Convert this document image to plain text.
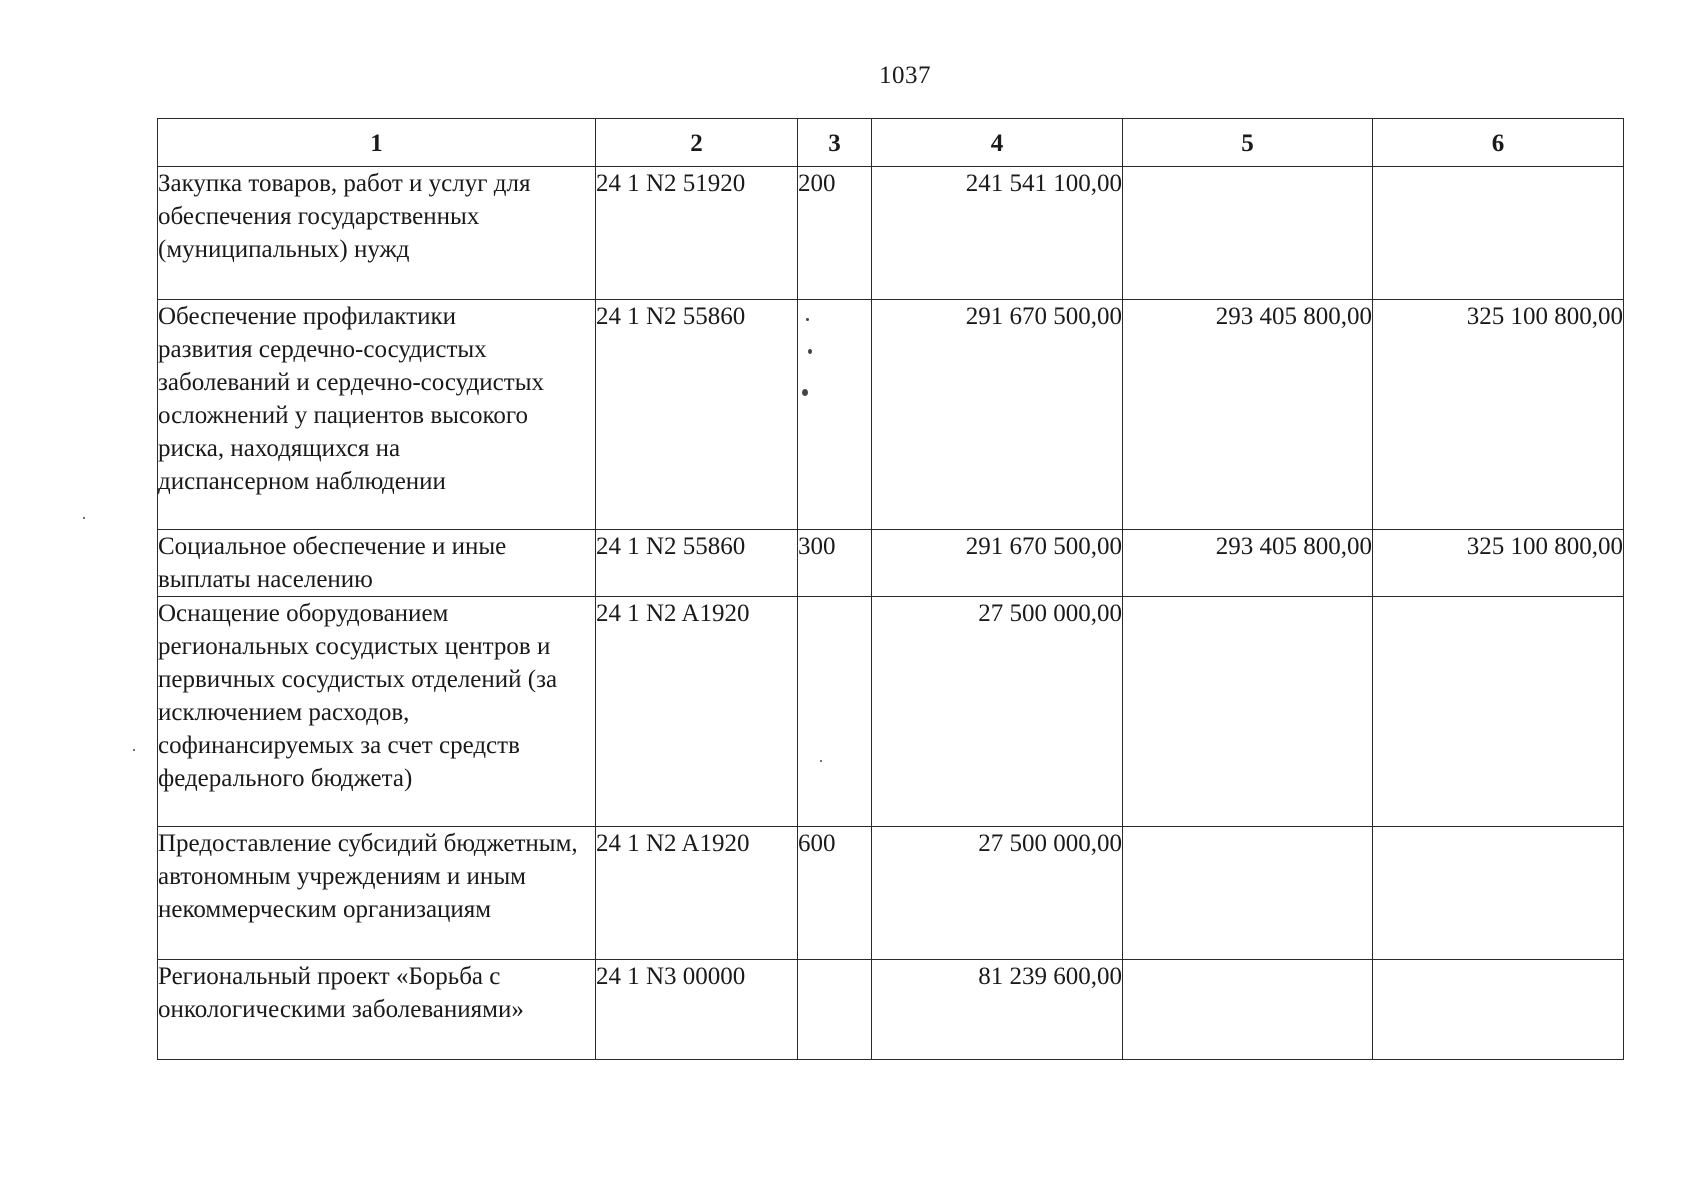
1037
1	2	3	4	5	6
Закупка товаров, работ и услуг для обеспечения государственных (муниципальных) нужд	24 1 N2 51920	200	241 541 100,00		
Обеспечение профилактики развития сердечно-сосудистых заболеваний и сердечно-сосудистых осложнений у пациентов высокого риска, находящихся на диспансерном наблюдении	24 1 N2 55860		291 670 500,00	293 405 800,00	325 100 800,00
Социальное обеспечение и иные выплаты населению	24 1 N2 55860	300	291 670 500,00	293 405 800,00	325 100 800,00
Оснащение оборудованием региональных сосудистых центров и первичных сосудистых отделений (за исключением расходов, софинансируемых за счет средств федерального бюджета)	24 1 N2 A1920		27 500 000,00		
Предоставление субсидий бюджетным, автономным учреждениям и иным некоммерческим организациям	24 1 N2 A1920	600	27 500 000,00		
Региональный проект «Борьба с онкологическими заболеваниями»	24 1 N3 00000		81 239 600,00		
